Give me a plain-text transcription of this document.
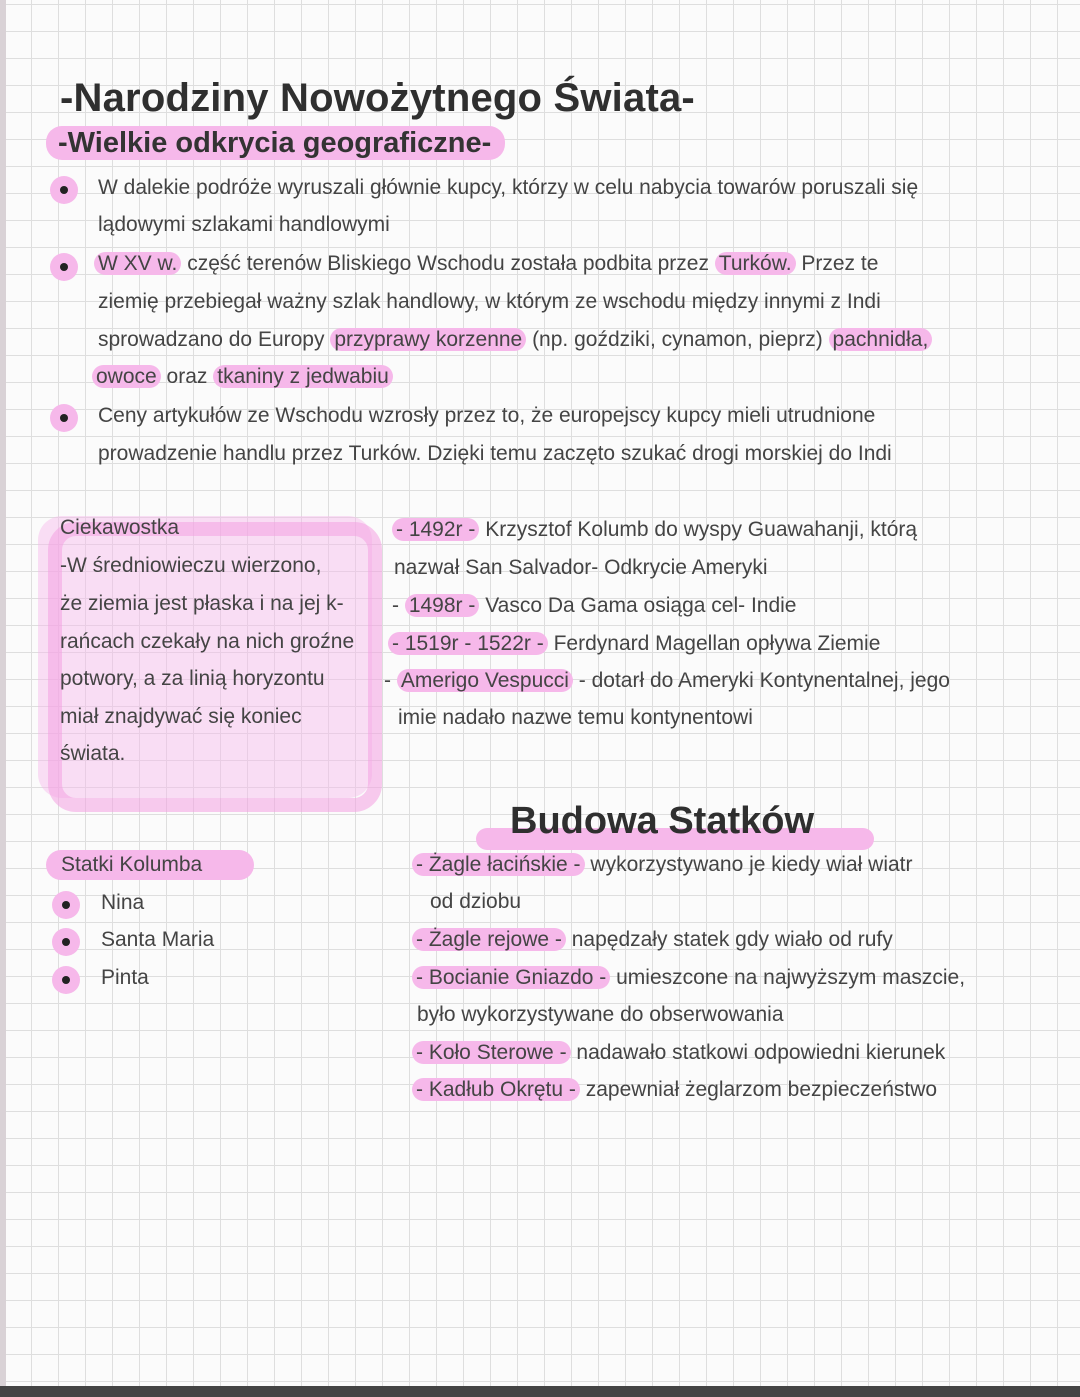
-Narodziny Nowożytnego Świata-
-Wielkie odkrycia geograficzne-
W dalekie podróże wyruszali głównie kupcy, którzy w celu nabycia towarów poruszali się
lądowymi szlakami handlowymi
W XV w. część terenów Bliskiego Wschodu została podbita przez Turków. Przez te
ziemię przebiegał ważny szlak handlowy, w którym ze wschodu między innymi z Indi
sprowadzano do Europy przyprawy korzenne (np. goździki, cynamon, pieprz) pachnidła,
owoce oraz tkaniny z jedwabiu
Ceny artykułów ze Wschodu wzrosły przez to, że europejscy kupcy mieli utrudnione
prowadzenie handlu przez Turków. Dzięki temu zaczęto szukać drogi morskiej do Indi
Ciekawostka
-W średniowieczu wierzono,
że ziemia jest płaska i na jej k-
rańcach czekały na nich groźne
potwory, a za linią horyzontu
miał znajdywać się koniec
świata.
- 1492r - Krzysztof Kolumb do wyspy Guawahanji, którą
nazwał San Salvador- Odkrycie Ameryki
- 1498r - Vasco Da Gama osiąga cel- Indie
- 1519r - 1522r - Ferdynard Magellan opływa Ziemie
- Amerigo Vespucci - dotarł do Ameryki Kontynentalnej, jego
imie nadało nazwe temu kontynentowi
Budowa Statków
Statki Kolumba
Nina
Santa Maria
Pinta
- Żagle łacińskie - wykorzystywano je kiedy wiał wiatr
od dziobu
- Żagle rejowe - napędzały statek gdy wiało od rufy
- Bocianie Gniazdo - umieszcone na najwyższym maszcie,
było wykorzystywane do obserwowania
- Koło Sterowe - nadawało statkowi odpowiedni kierunek
- Kadłub Okrętu - zapewniał żeglarzom bezpieczeństwo
